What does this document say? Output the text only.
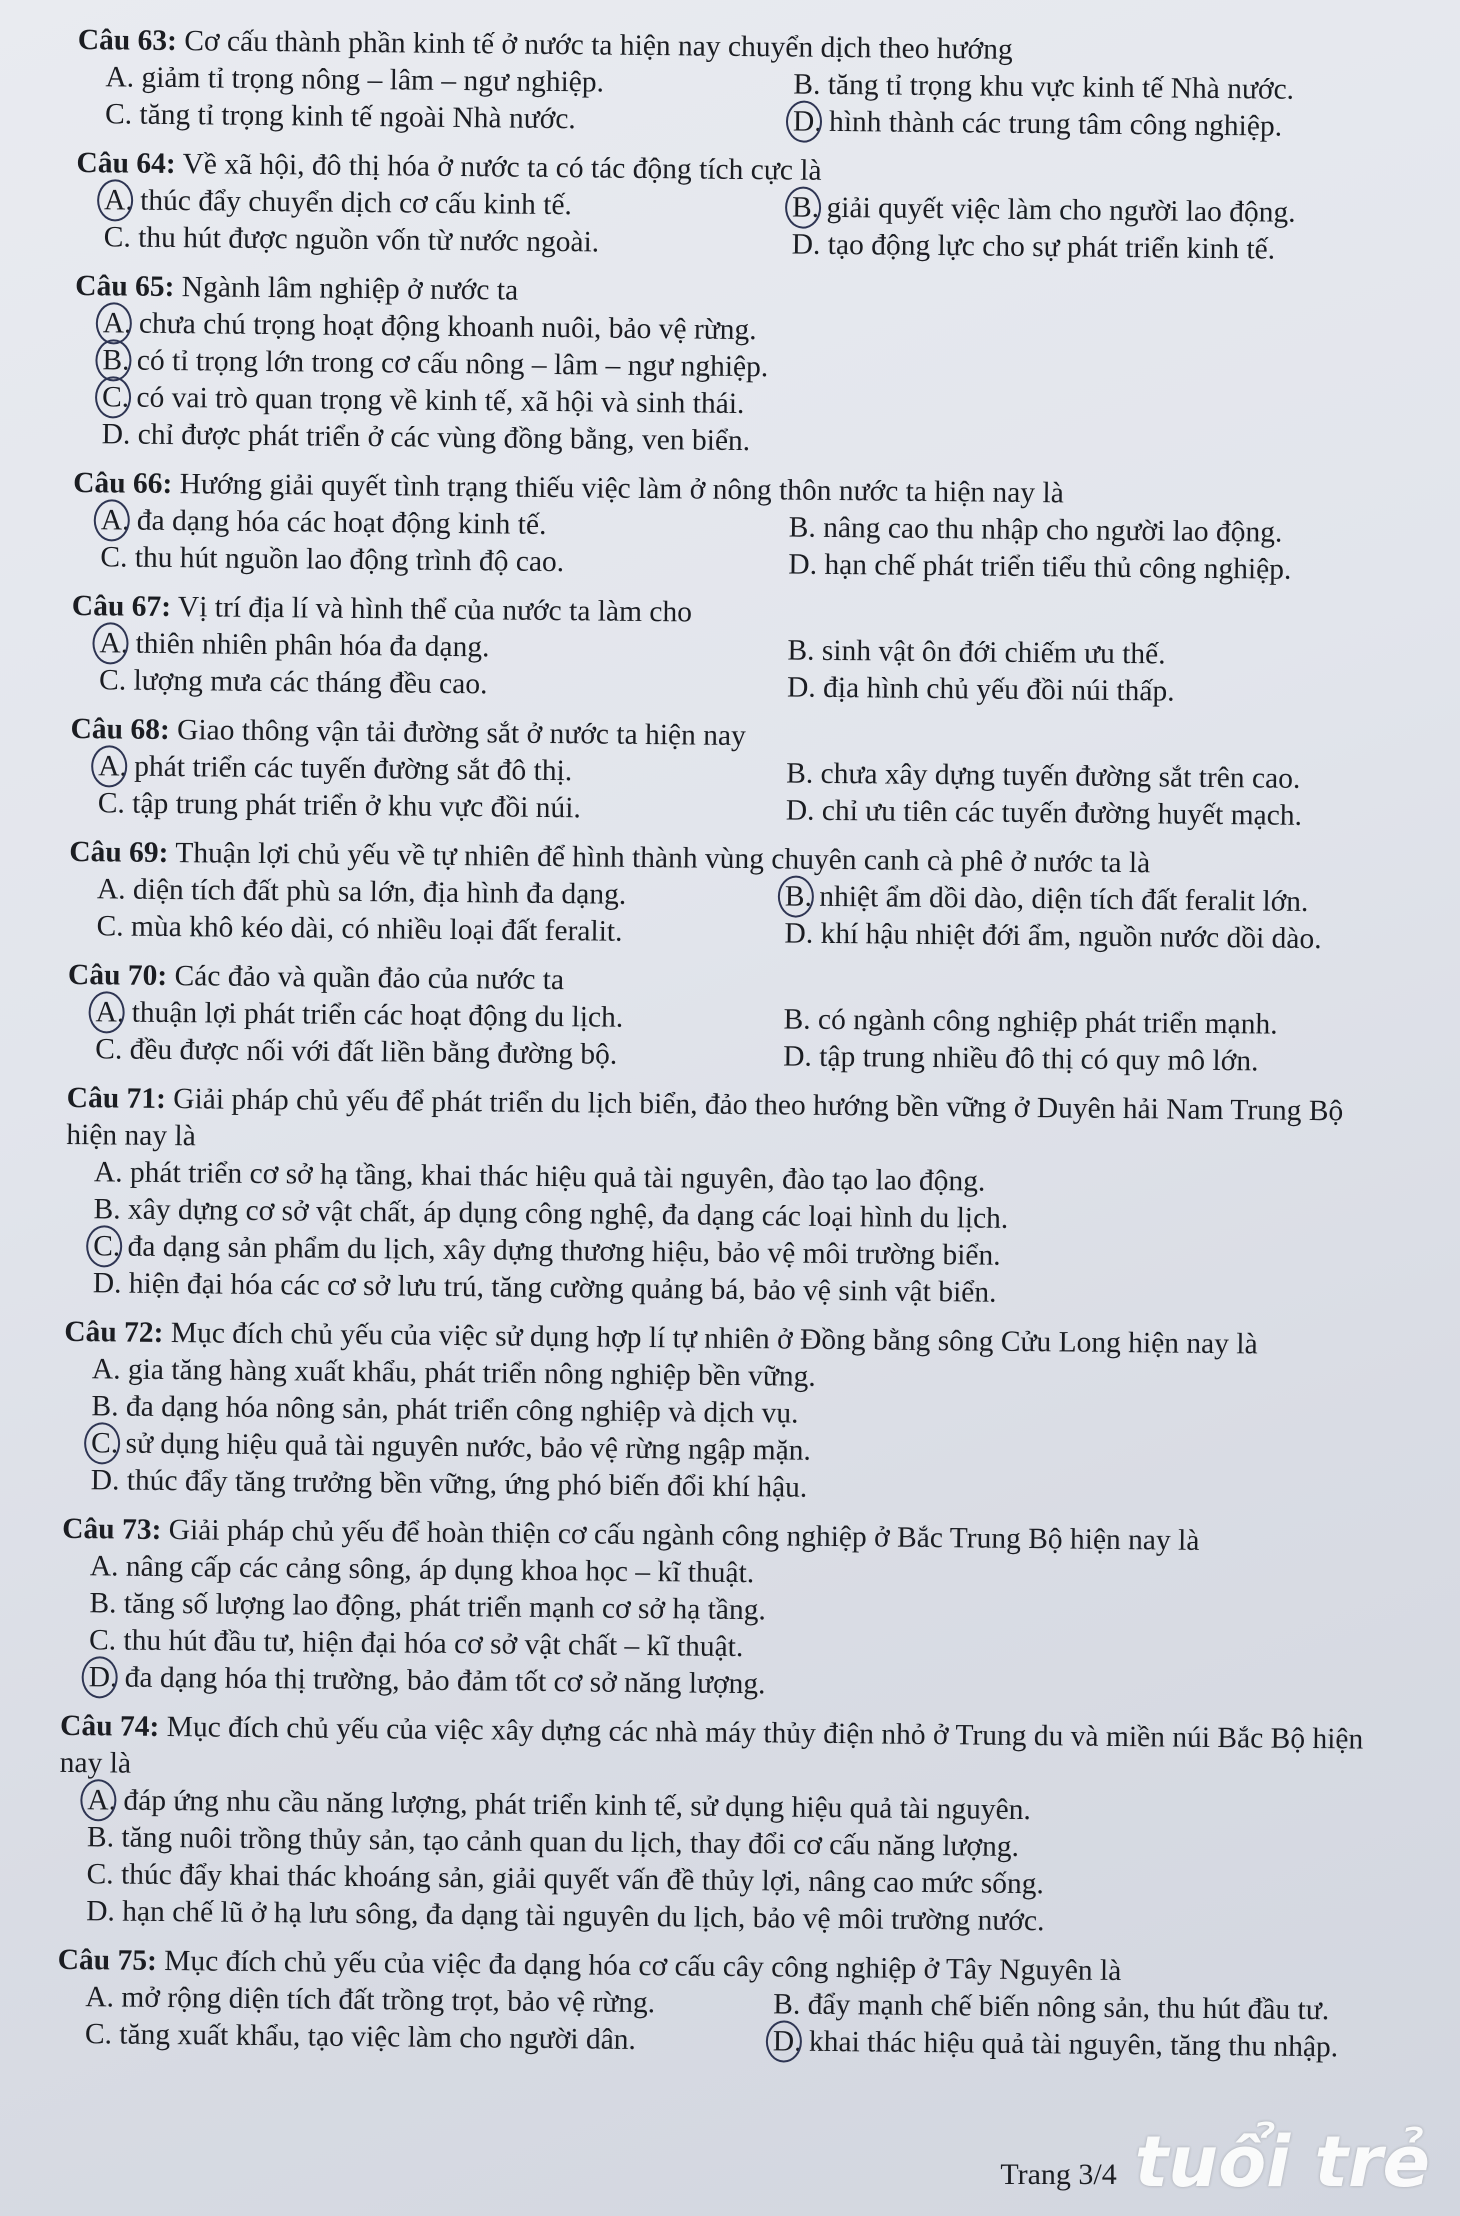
Câu 63: Cơ cấu thành phần kinh tế ở nước ta hiện nay chuyển dịch theo hướng
A. giảm tỉ trọng nông – lâm – ngư nghiệp.	B. tăng tỉ trọng khu vực kinh tế Nhà nước.
C. tăng tỉ trọng kinh tế ngoài Nhà nước.	D. hình thành các trung tâm công nghiệp.
Câu 64: Về xã hội, đô thị hóa ở nước ta có tác động tích cực là
A. thúc đẩy chuyển dịch cơ cấu kinh tế.	B. giải quyết việc làm cho người lao động.
C. thu hút được nguồn vốn từ nước ngoài.	D. tạo động lực cho sự phát triển kinh tế.
Câu 65: Ngành lâm nghiệp ở nước ta
A. chưa chú trọng hoạt động khoanh nuôi, bảo vệ rừng.
B. có tỉ trọng lớn trong cơ cấu nông – lâm – ngư nghiệp.
C. có vai trò quan trọng về kinh tế, xã hội và sinh thái.
D. chỉ được phát triển ở các vùng đồng bằng, ven biển.
Câu 66: Hướng giải quyết tình trạng thiếu việc làm ở nông thôn nước ta hiện nay là
A. đa dạng hóa các hoạt động kinh tế.	B. nâng cao thu nhập cho người lao động.
C. thu hút nguồn lao động trình độ cao.	D. hạn chế phát triển tiểu thủ công nghiệp.
Câu 67: Vị trí địa lí và hình thể của nước ta làm cho
A. thiên nhiên phân hóa đa dạng.	B. sinh vật ôn đới chiếm ưu thế.
C. lượng mưa các tháng đều cao.	D. địa hình chủ yếu đồi núi thấp.
Câu 68: Giao thông vận tải đường sắt ở nước ta hiện nay
A. phát triển các tuyến đường sắt đô thị.	B. chưa xây dựng tuyến đường sắt trên cao.
C. tập trung phát triển ở khu vực đồi núi.	D. chỉ ưu tiên các tuyến đường huyết mạch.
Câu 69: Thuận lợi chủ yếu về tự nhiên để hình thành vùng chuyên canh cà phê ở nước ta là
A. diện tích đất phù sa lớn, địa hình đa dạng.	B. nhiệt ẩm dồi dào, diện tích đất feralit lớn.
C. mùa khô kéo dài, có nhiều loại đất feralit.	D. khí hậu nhiệt đới ẩm, nguồn nước dồi dào.
Câu 70: Các đảo và quần đảo của nước ta
A. thuận lợi phát triển các hoạt động du lịch.	B. có ngành công nghiệp phát triển mạnh.
C. đều được nối với đất liền bằng đường bộ.	D. tập trung nhiều đô thị có quy mô lớn.
Câu 71: Giải pháp chủ yếu để phát triển du lịch biển, đảo theo hướng bền vững ở Duyên hải Nam Trung Bộ hiện nay là
A. phát triển cơ sở hạ tầng, khai thác hiệu quả tài nguyên, đào tạo lao động.
B. xây dựng cơ sở vật chất, áp dụng công nghệ, đa dạng các loại hình du lịch.
C. đa dạng sản phẩm du lịch, xây dựng thương hiệu, bảo vệ môi trường biển.
D. hiện đại hóa các cơ sở lưu trú, tăng cường quảng bá, bảo vệ sinh vật biển.
Câu 72: Mục đích chủ yếu của việc sử dụng hợp lí tự nhiên ở Đồng bằng sông Cửu Long hiện nay là
A. gia tăng hàng xuất khẩu, phát triển nông nghiệp bền vững.
B. đa dạng hóa nông sản, phát triển công nghiệp và dịch vụ.
C. sử dụng hiệu quả tài nguyên nước, bảo vệ rừng ngập mặn.
D. thúc đẩy tăng trưởng bền vững, ứng phó biến đổi khí hậu.
Câu 73: Giải pháp chủ yếu để hoàn thiện cơ cấu ngành công nghiệp ở Bắc Trung Bộ hiện nay là
A. nâng cấp các cảng sông, áp dụng khoa học – kĩ thuật.
B. tăng số lượng lao động, phát triển mạnh cơ sở hạ tầng.
C. thu hút đầu tư, hiện đại hóa cơ sở vật chất – kĩ thuật.
D. đa dạng hóa thị trường, bảo đảm tốt cơ sở năng lượng.
Câu 74: Mục đích chủ yếu của việc xây dựng các nhà máy thủy điện nhỏ ở Trung du và miền núi Bắc Bộ hiện nay là
A. đáp ứng nhu cầu năng lượng, phát triển kinh tế, sử dụng hiệu quả tài nguyên.
B. tăng nuôi trồng thủy sản, tạo cảnh quan du lịch, thay đổi cơ cấu năng lượng.
C. thúc đẩy khai thác khoáng sản, giải quyết vấn đề thủy lợi, nâng cao mức sống.
D. hạn chế lũ ở hạ lưu sông, đa dạng tài nguyên du lịch, bảo vệ môi trường nước.
Câu 75: Mục đích chủ yếu của việc đa dạng hóa cơ cấu cây công nghiệp ở Tây Nguyên là
A. mở rộng diện tích đất trồng trọt, bảo vệ rừng.	B. đẩy mạnh chế biến nông sản, thu hút đầu tư.
C. tăng xuất khẩu, tạo việc làm cho người dân.	D. khai thác hiệu quả tài nguyên, tăng thu nhập.
Trang 3/4 tuổi trẻ
